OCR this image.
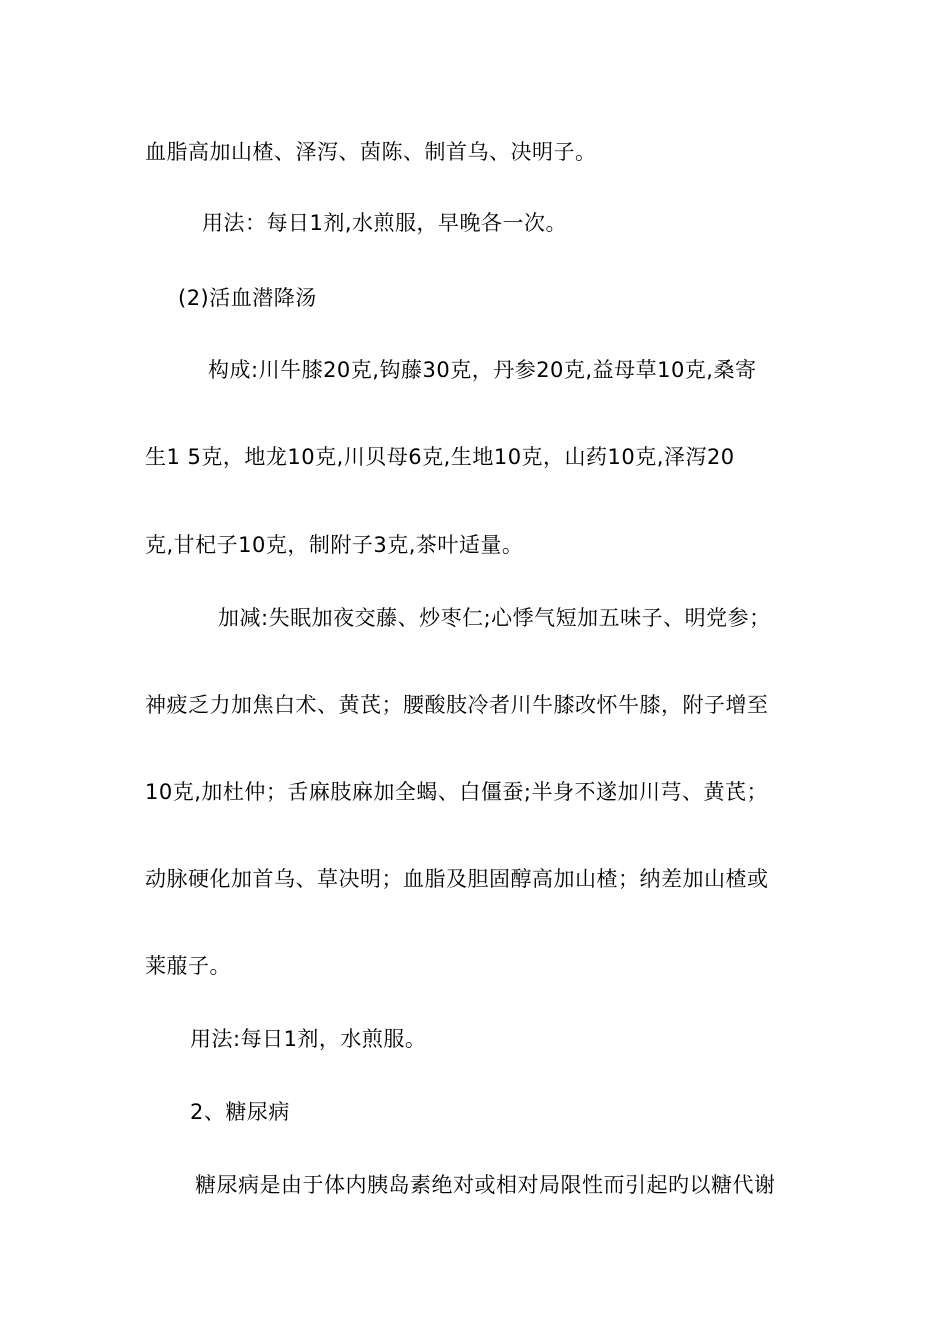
血脂高加山楂、泽泻、茵陈、制首乌、决明子。
用法：每日1剂,水煎服，早晚各一次。
(2)活血潜降汤
构成:川牛膝20克,钩藤30克，丹参20克,益母草10克,桑寄
生1 5克，地龙10克,川贝母6克,生地10克，山药10克,泽泻20
克,甘杞子10克，制附子3克,茶叶适量。
加减:失眠加夜交藤、炒枣仁;心悸气短加五味子、明党参；
神疲乏力加焦白术、黄芪；腰酸肢冷者川牛膝改怀牛膝，附子增至
10克,加杜仲；舌麻肢麻加全蝎、白僵蚕;半身不遂加川芎、黄芪；
动脉硬化加首乌、草决明；血脂及胆固醇高加山楂；纳差加山楂或
莱菔子。
用法:每日1剂，水煎服。
2、糖尿病
糖尿病是由于体内胰岛素绝对或相对局限性而引起旳以糖代谢
